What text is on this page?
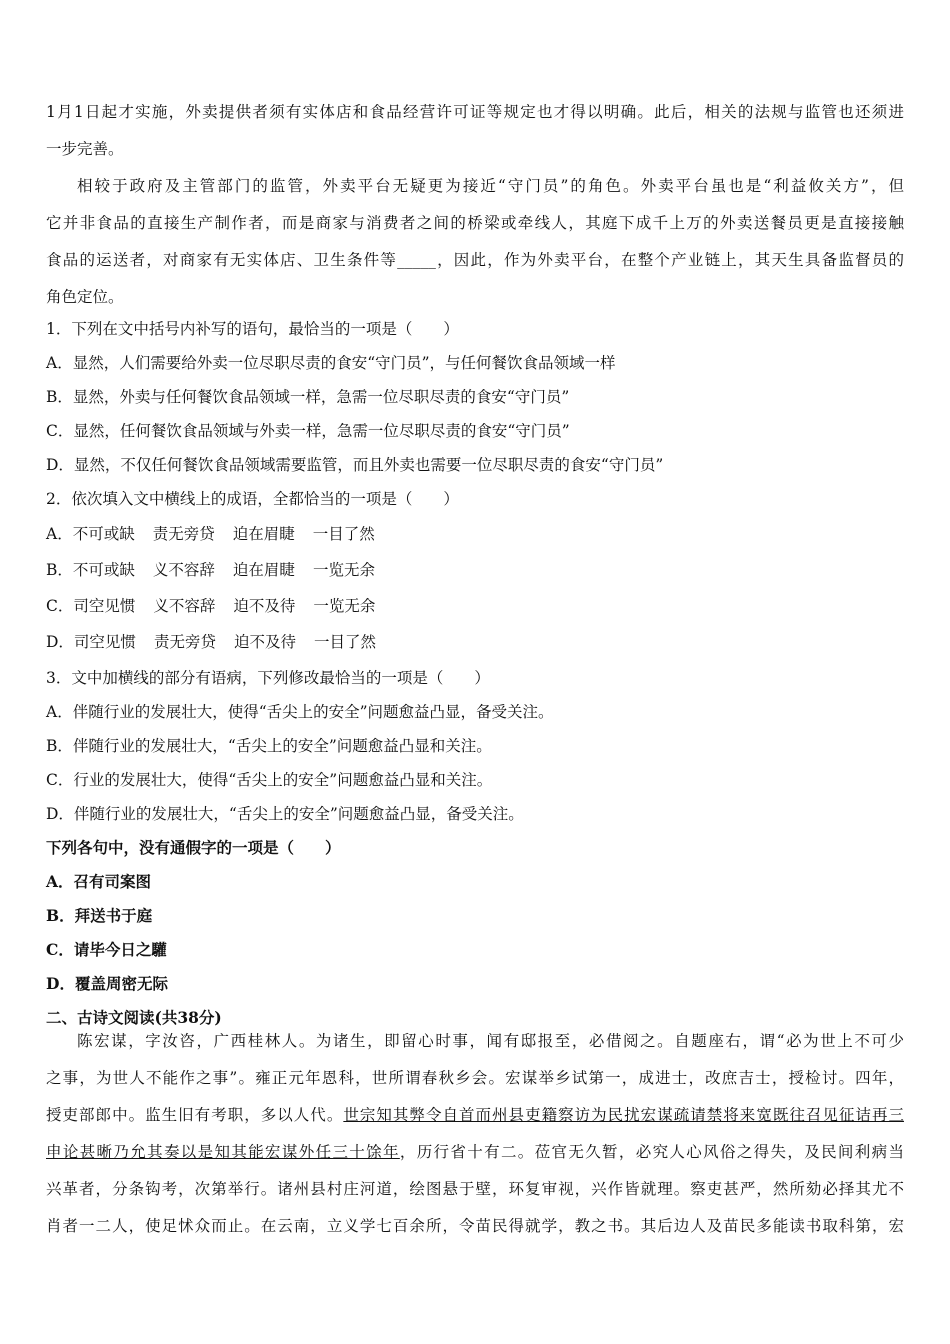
1月1日起才实施，外卖提供者须有实体店和食品经营许可证等规定也才得以明确。此后，相关的法规与监管也还须进
一步完善。
相较于政府及主管部门的监管，外卖平台无疑更为接近“守门员”的角色。外卖平台虽也是“利益攸关方”，但
它并非食品的直接生产制作者，而是商家与消费者之间的桥梁或牵线人，其庭下成千上万的外卖送餐员更是直接接触
食品的运送者，对商家有无实体店、卫生条件等_____，因此，作为外卖平台，在整个产业链上，其天生具备监督员的
角色定位。
1．下列在文中括号内补写的语句，最恰当的一项是（　　）
A．显然，人们需要给外卖一位尽职尽责的食安“守门员”，与任何餐饮食品领域一样
B．显然，外卖与任何餐饮食品领域一样，急需一位尽职尽责的食安“守门员”
C．显然，任何餐饮食品领域与外卖一样，急需一位尽职尽责的食安“守门员”
D．显然，不仅任何餐饮食品领域需要监管，而且外卖也需要一位尽职尽责的食安“守门员”
2．依次填入文中横线上的成语，全都恰当的一项是（　　）
A．不可或缺 责无旁贷 迫在眉睫 一目了然
B．不可或缺 义不容辞 迫在眉睫 一览无余
C．司空见惯 义不容辞 迫不及待 一览无余
D．司空见惯 责无旁贷 迫不及待 一目了然
3．文中加横线的部分有语病，下列修改最恰当的一项是（　　）
A．伴随行业的发展壮大，使得“舌尖上的安全”问题愈益凸显，备受关注。
B．伴随行业的发展壮大，“舌尖上的安全”问题愈益凸显和关注。
C．行业的发展壮大，使得“舌尖上的安全”问题愈益凸显和关注。
D．伴随行业的发展壮大，“舌尖上的安全”问题愈益凸显，备受关注。
下列各句中，没有通假字的一项是（　　）
A．召有司案图
B．拜送书于庭
C．请毕今日之驩
D．覆盖周密无际
二、古诗文阅读(共38分)
陈宏谋，字汝咨，广西桂林人。为诸生，即留心时事，闻有邸报至，必借阅之。自题座右，谓“必为世上不可少
之事，为世人不能作之事”。雍正元年恩科，世所谓春秋乡会。宏谋举乡试第一，成进士，改庶吉士，授检讨。四年，
授吏部郎中。监生旧有考职，多以人代。世宗知其弊令自首而州县吏籍察访为民扰宏谋疏请禁将来宽既往召见征诘再三
申论甚晰乃允其奏以是知其能宏谋外任三十馀年，历行省十有二。莅官无久暂，必究人心风俗之得失，及民间利病当
兴革者，分条钩考，次第举行。诸州县村庄河道，绘图悬于壁，环复审视，兴作皆就理。察吏甚严，然所劾必择其尤不
肖者一二人，使足怵众而止。在云南，立义学七百余所，令苗民得就学，教之书。其后边人及苗民多能读书取科第，宏
